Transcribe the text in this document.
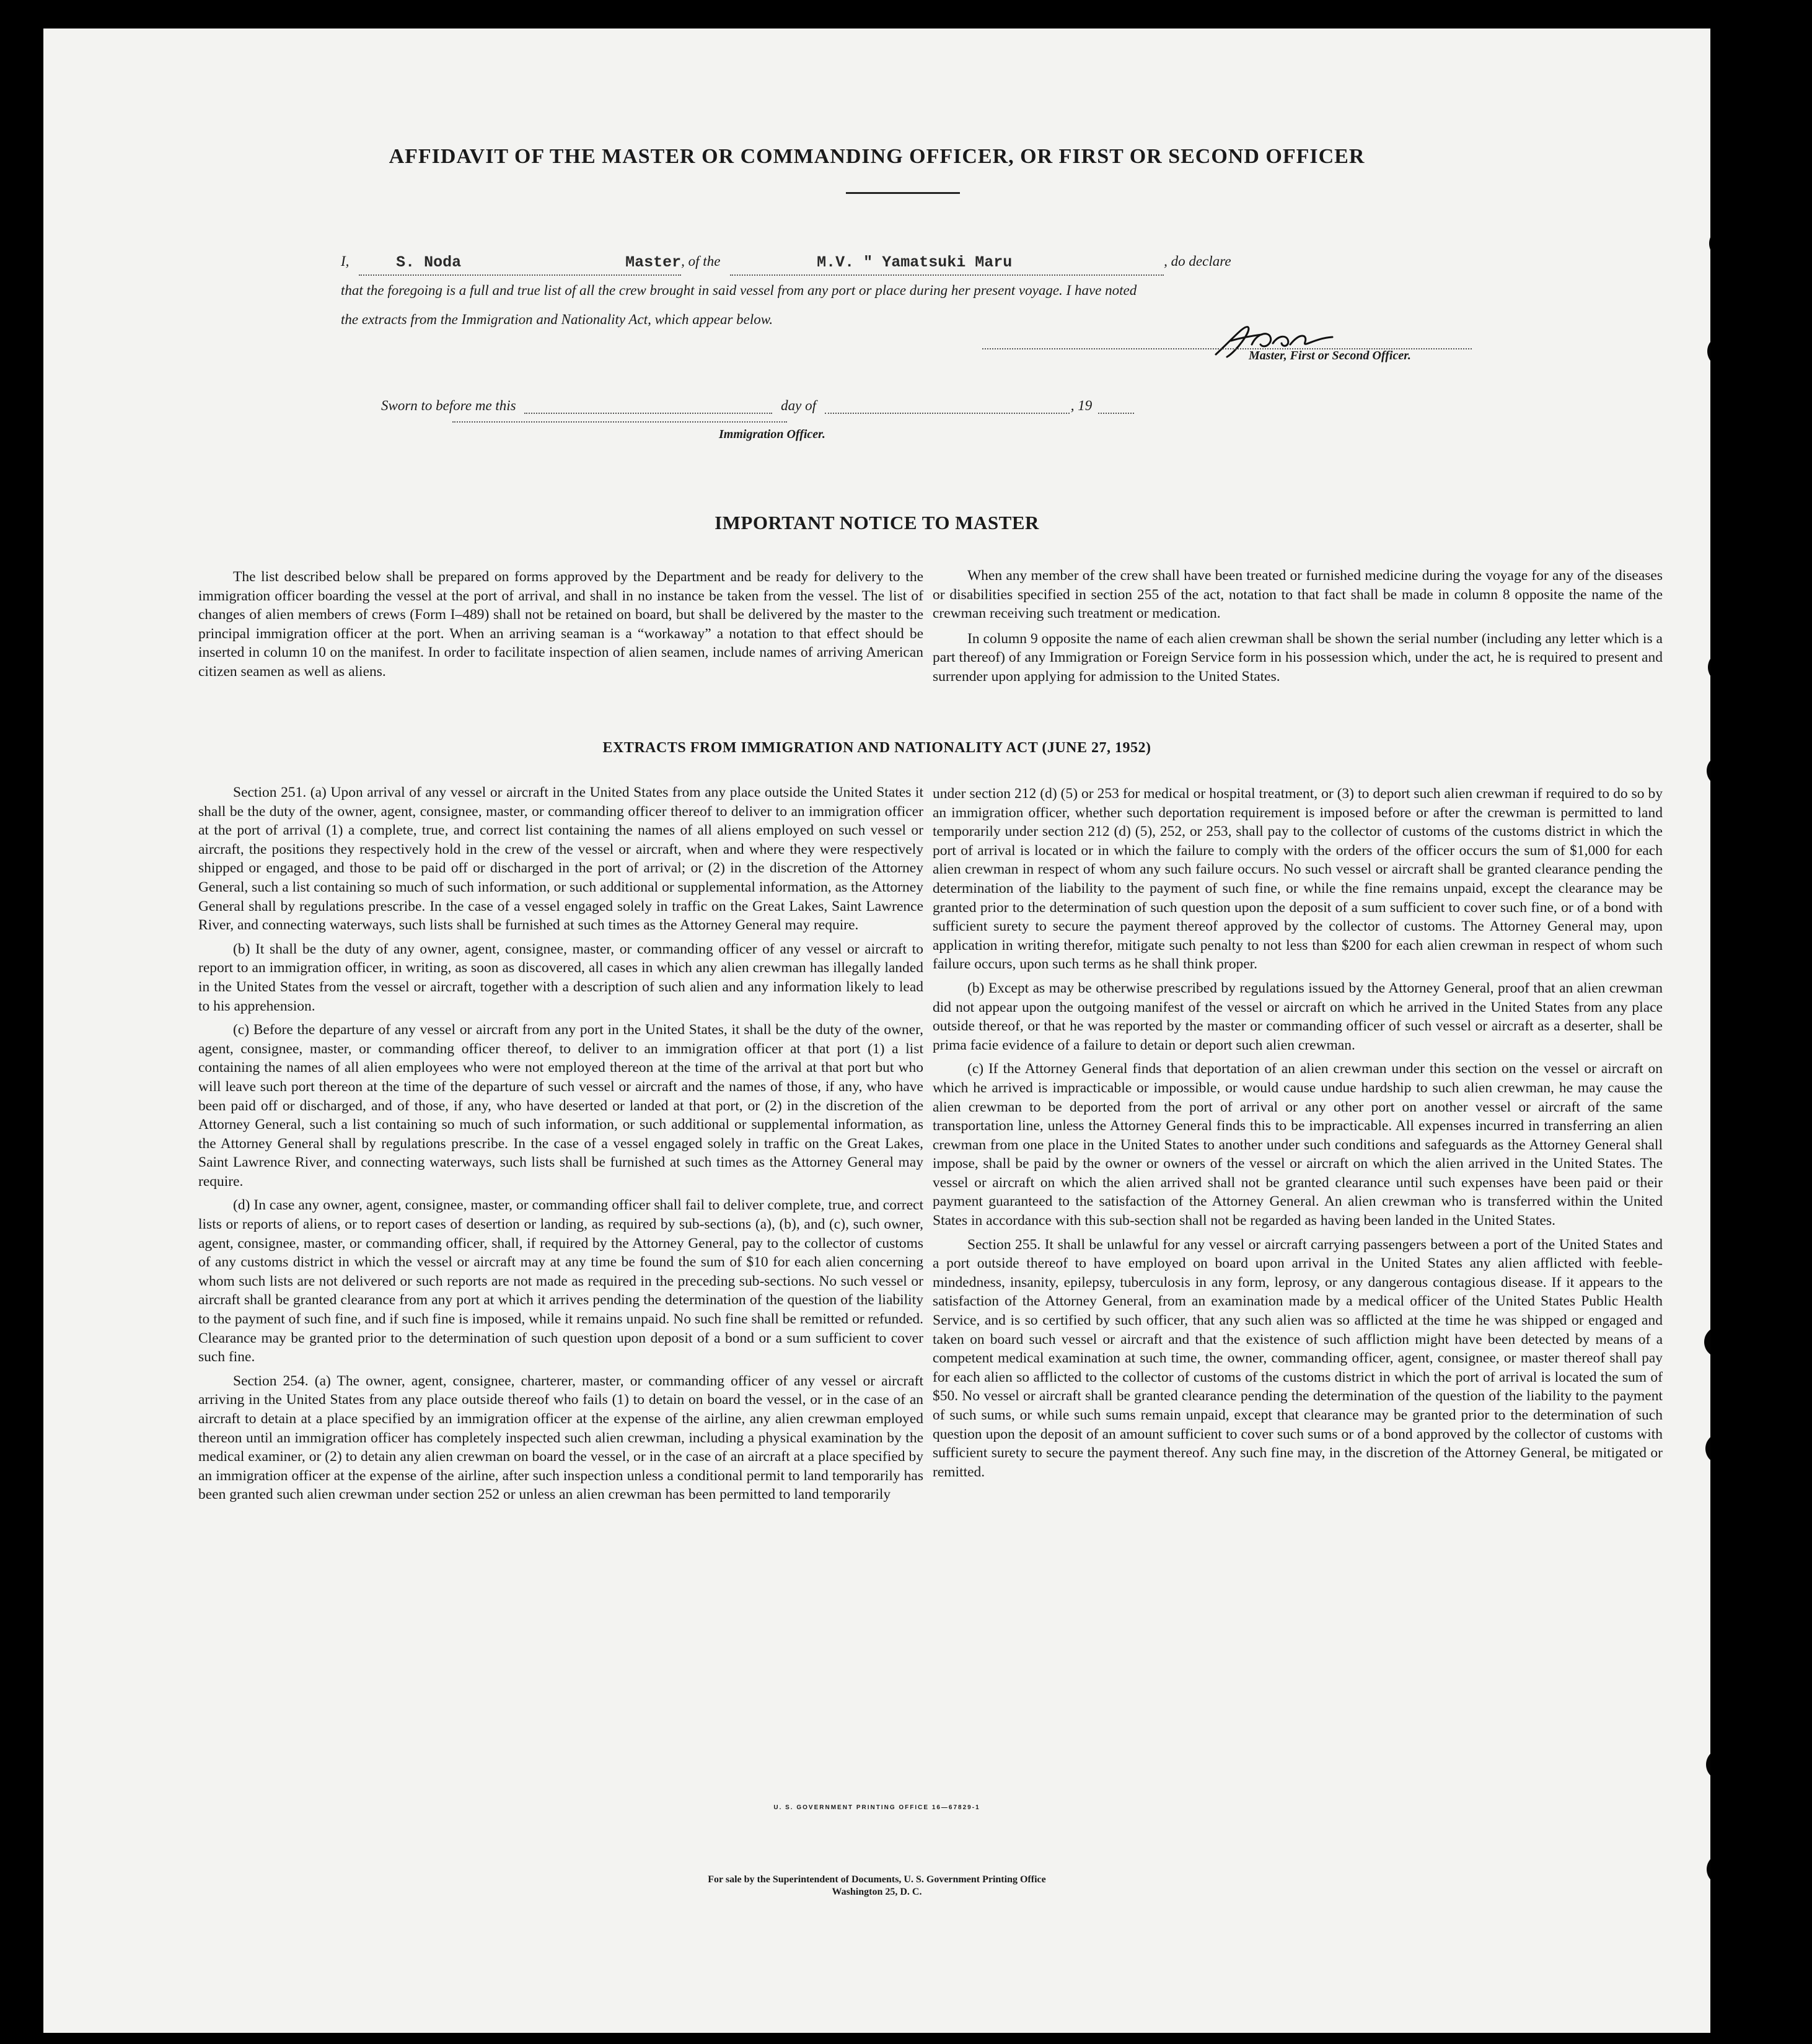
AFFIDAVIT OF THE MASTER OR COMMANDING OFFICER, OR FIRST OR SECOND OFFICER
I,	S. Noda	Master , of the	M.V. " Yamatsuki Maru	, do declare
that the foregoing is a full and true list of all the crew brought in said vessel from any port or place during her present voyage. I have noted
the extracts from the Immigration and Nationality Act, which appear below.
Master, First or Second Officer.
Sworn to before me this	day of	, 19
Immigration Officer.
IMPORTANT NOTICE TO MASTER

The list described below shall be prepared on forms approved by the Department and be ready for delivery to the immigration officer boarding the vessel at the port of arrival, and shall in no instance be taken from the vessel. The list of changes of alien members of crews (Form I–489) shall not be retained on board, but shall be delivered by the master to the principal immigration officer at the port. When an arriving seaman is a “workaway” a notation to that effect should be inserted in column 10 on the manifest. In order to facilitate inspection of alien seamen, include names of arriving American citizen seamen as well as aliens.

When any member of the crew shall have been treated or furnished medicine during the voyage for any of the diseases or disabilities specified in section 255 of the act, notation to that fact shall be made in column 8 opposite the name of the crewman receiving such treatment or medication.

In column 9 opposite the name of each alien crewman shall be shown the serial number (including any letter which is a part thereof) of any Immigration or Foreign Service form in his possession which, under the act, he is required to present and surrender upon applying for admission to the United States.

EXTRACTS FROM IMMIGRATION AND NATIONALITY ACT (JUNE 27, 1952)

Section 251. (a) Upon arrival of any vessel or aircraft in the United States from any place outside the United States it shall be the duty of the owner, agent, consignee, master, or commanding officer thereof to deliver to an immigration officer at the port of arrival (1) a complete, true, and correct list containing the names of all aliens employed on such vessel or aircraft, the positions they respectively hold in the crew of the vessel or aircraft, when and where they were respectively shipped or engaged, and those to be paid off or discharged in the port of arrival; or (2) in the discretion of the Attorney General, such a list containing so much of such information, or such additional or supplemental information, as the Attorney General shall by regulations prescribe. In the case of a vessel engaged solely in traffic on the Great Lakes, Saint Lawrence River, and connecting waterways, such lists shall be furnished at such times as the Attorney General may require.

(b) It shall be the duty of any owner, agent, consignee, master, or commanding officer of any vessel or aircraft to report to an immigration officer, in writing, as soon as discovered, all cases in which any alien crewman has illegally landed in the United States from the vessel or aircraft, together with a description of such alien and any information likely to lead to his apprehension.

(c) Before the departure of any vessel or aircraft from any port in the United States, it shall be the duty of the owner, agent, consignee, master, or commanding officer thereof, to deliver to an immigration officer at that port (1) a list containing the names of all alien employees who were not employed thereon at the time of the arrival at that port but who will leave such port thereon at the time of the departure of such vessel or aircraft and the names of those, if any, who have been paid off or discharged, and of those, if any, who have deserted or landed at that port, or (2) in the discretion of the Attorney General, such a list containing so much of such information, or such additional or supplemental information, as the Attorney General shall by regulations prescribe. In the case of a vessel engaged solely in traffic on the Great Lakes, Saint Lawrence River, and connecting waterways, such lists shall be furnished at such times as the Attorney General may require.

(d) In case any owner, agent, consignee, master, or commanding officer shall fail to deliver complete, true, and correct lists or reports of aliens, or to report cases of desertion or landing, as required by sub-sections (a), (b), and (c), such owner, agent, consignee, master, or commanding officer, shall, if required by the Attorney General, pay to the collector of customs of any customs district in which the vessel or aircraft may at any time be found the sum of $10 for each alien concerning whom such lists are not delivered or such reports are not made as required in the preceding sub-sections. No such vessel or aircraft shall be granted clearance from any port at which it arrives pending the determination of the question of the liability to the payment of such fine, and if such fine is imposed, while it remains unpaid. No such fine shall be remitted or refunded. Clearance may be granted prior to the determination of such question upon deposit of a bond or a sum sufficient to cover such fine.

Section 254. (a) The owner, agent, consignee, charterer, master, or commanding officer of any vessel or aircraft arriving in the United States from any place outside thereof who fails (1) to detain on board the vessel, or in the case of an aircraft to detain at a place specified by an immigration officer at the expense of the airline, any alien crewman employed thereon until an immigration officer has completely inspected such alien crewman, including a physical examination by the medical examiner, or (2) to detain any alien crewman on board the vessel, or in the case of an aircraft at a place specified by an immigration officer at the expense of the airline, after such inspection unless a conditional permit to land temporarily has been granted such alien crewman under section 252 or unless an alien crewman has been permitted to land temporarily

under section 212 (d) (5) or 253 for medical or hospital treatment, or (3) to deport such alien crewman if required to do so by an immigration officer, whether such deportation requirement is imposed before or after the crewman is permitted to land temporarily under section 212 (d) (5), 252, or 253, shall pay to the collector of customs of the customs district in which the port of arrival is located or in which the failure to comply with the orders of the officer occurs the sum of $1,000 for each alien crewman in respect of whom any such failure occurs. No such vessel or aircraft shall be granted clearance pending the determination of the liability to the payment of such fine, or while the fine remains unpaid, except the clearance may be granted prior to the determination of such question upon the deposit of a sum sufficient to cover such fine, or of a bond with sufficient surety to secure the payment thereof approved by the collector of customs. The Attorney General may, upon application in writing therefor, mitigate such penalty to not less than $200 for each alien crewman in respect of whom such failure occurs, upon such terms as he shall think proper.

(b) Except as may be otherwise prescribed by regulations issued by the Attorney General, proof that an alien crewman did not appear upon the outgoing manifest of the vessel or aircraft on which he arrived in the United States from any place outside thereof, or that he was reported by the master or commanding officer of such vessel or aircraft as a deserter, shall be prima facie evidence of a failure to detain or deport such alien crewman.

(c) If the Attorney General finds that deportation of an alien crewman under this section on the vessel or aircraft on which he arrived is impracticable or impossible, or would cause undue hardship to such alien crewman, he may cause the alien crewman to be deported from the port of arrival or any other port on another vessel or aircraft of the same transportation line, unless the Attorney General finds this to be impracticable. All expenses incurred in transferring an alien crewman from one place in the United States to another under such conditions and safeguards as the Attorney General shall impose, shall be paid by the owner or owners of the vessel or aircraft on which the alien arrived in the United States. The vessel or aircraft on which the alien arrived shall not be granted clearance until such expenses have been paid or their payment guaranteed to the satisfaction of the Attorney General. An alien crewman who is transferred within the United States in accordance with this sub-section shall not be regarded as having been landed in the United States.

Section 255. It shall be unlawful for any vessel or aircraft carrying passengers between a port of the United States and a port outside thereof to have employed on board upon arrival in the United States any alien afflicted with feeble-mindedness, insanity, epilepsy, tuberculosis in any form, leprosy, or any dangerous contagious disease. If it appears to the satisfaction of the Attorney General, from an examination made by a medical officer of the United States Public Health Service, and is so certified by such officer, that any such alien was so afflicted at the time he was shipped or engaged and taken on board such vessel or aircraft and that the existence of such affliction might have been detected by means of a competent medical examination at such time, the owner, commanding officer, agent, consignee, or master thereof shall pay for each alien so afflicted to the collector of customs of the customs district in which the port of arrival is located the sum of $50. No vessel or aircraft shall be granted clearance pending the determination of the question of the liability to the payment of such sums, or while such sums remain unpaid, except that clearance may be granted prior to the determination of such question upon the deposit of an amount sufficient to cover such sums or of a bond approved by the collector of customs with sufficient surety to secure the payment thereof. Any such fine may, in the discretion of the Attorney General, be mitigated or remitted.

U. S. GOVERNMENT PRINTING OFFICE 16—67829-1
For sale by the Superintendent of Documents, U. S. Government Printing Office
Washington 25, D. C.
